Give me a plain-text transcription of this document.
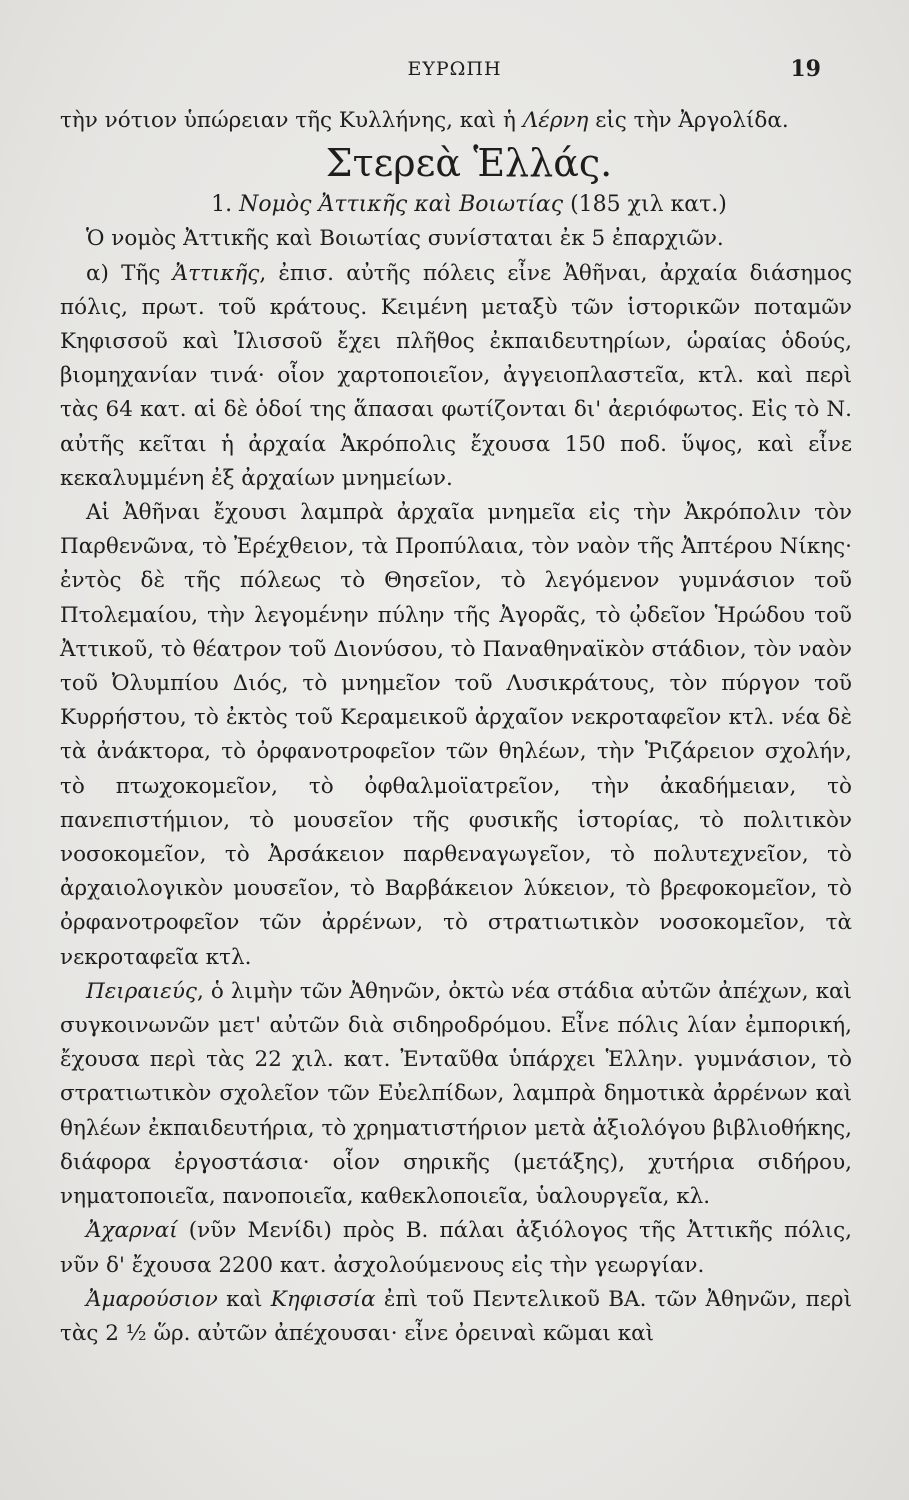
ΕΥΡΩΠΗ	19

τὴν νότιον ὑπώρειαν τῆς Κυλλήνης, καὶ ἡ Λέρνη εἰς τὴν Ἀργολίδα.

Στερεὰ Ἑλλάς.

1. Νομὸς Ἀττικῆς καὶ Βοιωτίας (185 χιλ κατ.)

Ὁ νομὸς Ἀττικῆς καὶ Βοιωτίας συνίσταται ἐκ 5 ἐπαρχιῶν.

α) Τῆς Ἀττικῆς, ἐπισ. αὐτῆς πόλεις εἶνε Ἀθῆναι, ἀρχαία διάσημος πόλις, πρωτ. τοῦ κράτους. Κειμένη μεταξὺ τῶν ἱστορικῶν ποταμῶν Κηφισσοῦ καὶ Ἰλισσοῦ ἔχει πλῆθος ἐκπαιδευτηρίων, ὡραίας ὁδούς, βιομηχανίαν τινά· οἷον χαρτοποιεῖον, ἀγγειοπλαστεῖα, κτλ. καὶ περὶ τὰς 64 κατ. αἱ δὲ ὁδοί της ἅπασαι φωτίζονται δι' ἀεριόφωτος. Εἰς τὸ Ν. αὐτῆς κεῖται ἡ ἀρχαία Ἀκρόπολις ἔχουσα 150 ποδ. ὕψος, καὶ εἶνε κεκαλυμμένη ἐξ ἀρχαίων μνημείων.

Αἱ Ἀθῆναι ἔχουσι λαμπρὰ ἀρχαῖα μνημεῖα εἰς τὴν Ἀκρόπολιν τὸν Παρθενῶνα, τὸ Ἐρέχθειον, τὰ Προπύλαια, τὸν ναὸν τῆς Ἀπτέρου Νίκης· ἐντὸς δὲ τῆς πόλεως τὸ Θησεῖον, τὸ λεγόμενον γυμνάσιον τοῦ Πτολεμαίου, τὴν λεγομένην πύλην τῆς Ἀγορᾶς, τὸ ᾠδεῖον Ἡρώδου τοῦ Ἀττικοῦ, τὸ θέατρον τοῦ Διονύσου, τὸ Παναθηναϊκὸν στάδιον, τὸν ναὸν τοῦ Ὀλυμπίου Διός, τὸ μνημεῖον τοῦ Λυσικράτους, τὸν πύργον τοῦ Κυρρήστου, τὸ ἐκτὸς τοῦ Κεραμεικοῦ ἀρχαῖον νεκροταφεῖον κτλ. νέα δὲ τὰ ἀνάκτορα, τὸ ὀρφανοτροφεῖον τῶν θηλέων, τὴν Ῥιζάρειον σχολήν, τὸ πτωχοκομεῖον, τὸ ὀφθαλμοϊατρεῖον, τὴν ἀκαδήμειαν, τὸ πανεπιστήμιον, τὸ μουσεῖον τῆς φυσικῆς ἱστορίας, τὸ πολιτικὸν νοσοκομεῖον, τὸ Ἀρσάκειον παρθεναγωγεῖον, τὸ πολυτεχνεῖον, τὸ ἀρχαιολογικὸν μουσεῖον, τὸ Βαρβάκειον λύκειον, τὸ βρεφοκομεῖον, τὸ ὀρφανοτροφεῖον τῶν ἀρρένων, τὸ στρατιωτικὸν νοσοκομεῖον, τὰ νεκροταφεῖα κτλ.

Πειραιεύς, ὁ λιμὴν τῶν Ἀθηνῶν, ὀκτὼ νέα στάδια αὐτῶν ἀπέχων, καὶ συγκοινωνῶν μετ' αὐτῶν διὰ σιδηροδρόμου. Εἶνε πόλις λίαν ἐμπορική, ἔχουσα περὶ τὰς 22 χιλ. κατ. Ἐνταῦθα ὑπάρχει Ἑλλην. γυμνάσιον, τὸ στρατιωτικὸν σχολεῖον τῶν Εὐελπίδων, λαμπρὰ δημοτικὰ ἀρρένων καὶ θηλέων ἐκπαιδευτήρια, τὸ χρηματιστήριον μετὰ ἀξιολόγου βιβλιοθήκης, διάφορα ἐργοστάσια· οἷον σηρικῆς (μετάξης), χυτήρια σιδήρου, νηματοποιεῖα, πανοποιεῖα, καθεκλοποιεῖα, ὑαλουργεῖα, κλ.

Ἀχαρναί (νῦν Μενίδι) πρὸς Β. πάλαι ἀξιόλογος τῆς Ἀττικῆς πόλις, νῦν δ' ἔχουσα 2200 κατ. ἀσχολούμενους εἰς τὴν γεωργίαν.

Ἀμαρούσιον καὶ Κηφισσία ἐπὶ τοῦ Πεντελικοῦ ΒΑ. τῶν Ἀθηνῶν, περὶ τὰς 2 ½ ὥρ. αὐτῶν ἀπέχουσαι· εἶνε ὀρειναὶ κῶμαι καὶ
